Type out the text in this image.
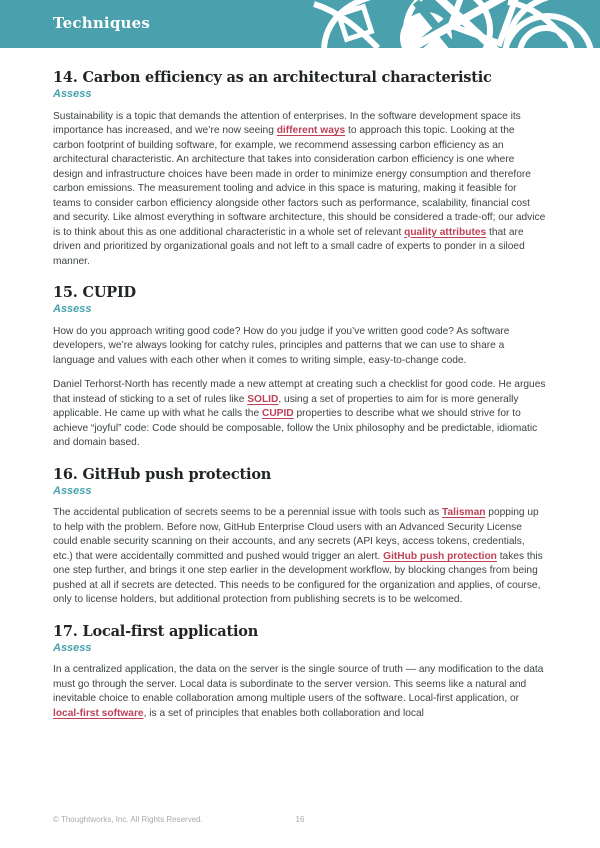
Techniques
14. Carbon efficiency as an architectural characteristic
Assess

Sustainability is a topic that demands the attention of enterprises. In the software development space its importance has increased, and we’re now seeing different ways to approach this topic. Looking at the carbon footprint of building software, for example, we recommend assessing carbon efficiency as an architectural characteristic. An architecture that takes into consideration carbon efficiency is one where design and infrastructure choices have been made in order to minimize energy consumption and therefore carbon emissions. The measurement tooling and advice in this space is maturing, making it feasible for teams to consider carbon efficiency alongside other factors such as performance, scalability, financial cost and security. Like almost everything in software architecture, this should be considered a trade-off; our advice is to think about this as one additional characteristic in a whole set of relevant quality attributes that are driven and prioritized by organizational goals and not left to a small cadre of experts to ponder in a siloed manner.

15. CUPID
Assess

How do you approach writing good code? How do you judge if you’ve written good code? As software developers, we’re always looking for catchy rules, principles and patterns that we can use to share a language and values with each other when it comes to writing simple, easy-to-change code.

Daniel Terhorst-North has recently made a new attempt at creating such a checklist for good code. He argues that instead of sticking to a set of rules like SOLID, using a set of properties to aim for is more generally applicable. He came up with what he calls the CUPID properties to describe what we should strive for to achieve “joyful” code: Code should be composable, follow the Unix philosophy and be predictable, idiomatic and domain based.

16. GitHub push protection
Assess

The accidental publication of secrets seems to be a perennial issue with tools such as Talisman popping up to help with the problem. Before now, GitHub Enterprise Cloud users with an Advanced Security License could enable security scanning on their accounts, and any secrets (API keys, access tokens, credentials, etc.) that were accidentally committed and pushed would trigger an alert. GitHub push protection takes this one step further, and brings it one step earlier in the development workflow, by blocking changes from being pushed at all if secrets are detected. This needs to be configured for the organization and applies, of course, only to license holders, but additional protection from publishing secrets is to be welcomed.

17. Local-first application
Assess

In a centralized application, the data on the server is the single source of truth — any modification to the data must go through the server. Local data is subordinate to the server version. This seems like a natural and inevitable choice to enable collaboration among multiple users of the software. Local-first application, or local-first software, is a set of principles that enables both collaboration and local

© Thoughtworks, Inc. All Rights Reserved.	16
